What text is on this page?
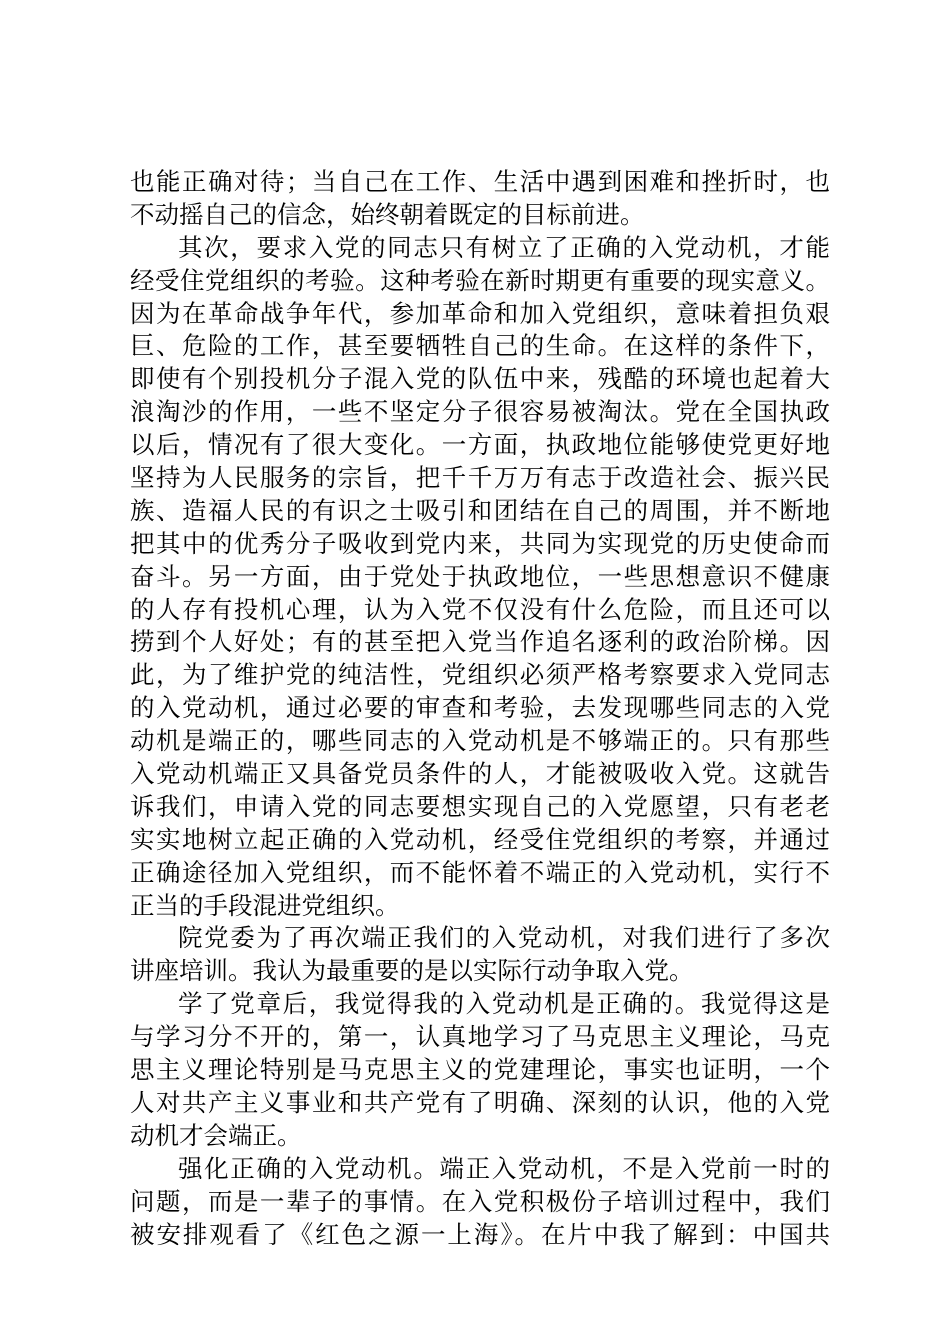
也能正确对待；当自己在工作、生活中遇到困难和挫折时，也
不动摇自己的信念，始终朝着既定的目标前进。
其次，要求入党的同志只有树立了正确的入党动机，才能
经受住党组织的考验。这种考验在新时期更有重要的现实意义。
因为在革命战争年代，参加革命和加入党组织，意味着担负艰
巨、危险的工作，甚至要牺牲自己的生命。在这样的条件下，
即使有个别投机分子混入党的队伍中来，残酷的环境也起着大
浪淘沙的作用，一些不坚定分子很容易被淘汰。党在全国执政
以后，情况有了很大变化。一方面，执政地位能够使党更好地
坚持为人民服务的宗旨，把千千万万有志于改造社会、振兴民
族、造福人民的有识之士吸引和团结在自己的周围，并不断地
把其中的优秀分子吸收到党内来，共同为实现党的历史使命而
奋斗。另一方面，由于党处于执政地位，一些思想意识不健康
的人存有投机心理，认为入党不仅没有什么危险，而且还可以
捞到个人好处；有的甚至把入党当作追名逐利的政治阶梯。因
此，为了维护党的纯洁性，党组织必须严格考察要求入党同志
的入党动机，通过必要的审查和考验，去发现哪些同志的入党
动机是端正的，哪些同志的入党动机是不够端正的。只有那些
入党动机端正又具备党员条件的人，才能被吸收入党。这就告
诉我们，申请入党的同志要想实现自己的入党愿望，只有老老
实实地树立起正确的入党动机，经受住党组织的考察，并通过
正确途径加入党组织，而不能怀着不端正的入党动机，实行不
正当的手段混进党组织。
院党委为了再次端正我们的入党动机，对我们进行了多次
讲座培训。我认为最重要的是以实际行动争取入党。
学了党章后，我觉得我的入党动机是正确的。我觉得这是
与学习分不开的，第一，认真地学习了马克思主义理论，马克
思主义理论特别是马克思主义的党建理论，事实也证明，一个
人对共产主义事业和共产党有了明确、深刻的认识，他的入党
动机才会端正。
强化正确的入党动机。端正入党动机，不是入党前一时的
问题，而是一辈子的事情。在入党积极份子培训过程中，我们
被安排观看了《红色之源一上海》。在片中我了解到：中国共
